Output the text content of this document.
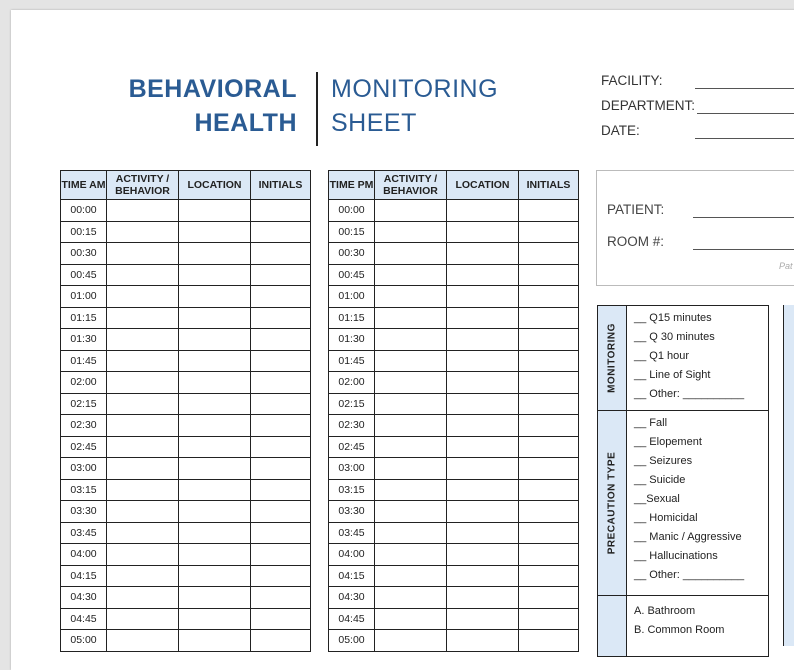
BEHAVIORAL
HEALTH
MONITORING
SHEET
FACILITY:
DEPARTMENT:
DATE:
TIME AM	ACTIVITY / BEHAVIOR	LOCATION	INITIALS
00:00			
00:15			
00:30			
00:45			
01:00			
01:15			
01:30			
01:45			
02:00			
02:15			
02:30			
02:45			
03:00			
03:15			
03:30			
03:45			
04:00			
04:15			
04:30			
04:45			
05:00			
TIME PM	ACTIVITY / BEHAVIOR	LOCATION	INITIALS
00:00			
00:15			
00:30			
00:45			
01:00			
01:15			
01:30			
01:45			
02:00			
02:15			
02:30			
02:45			
03:00			
03:15			
03:30			
03:45			
04:00			
04:15			
04:30			
04:45			
05:00			
PATIENT:
ROOM #:
Pat
MONITORING
__ Q15 minutes
__ Q 30 minutes
__ Q1 hour
__ Line of Sight
__ Other: __________
PRECAUTION TYPE
__ Fall
__ Elopement
__ Seizures
__ Suicide
__Sexual
__ Homicidal
__ Manic / Aggressive
__ Hallucinations
__ Other: __________
A. Bathroom
B. Common Room
